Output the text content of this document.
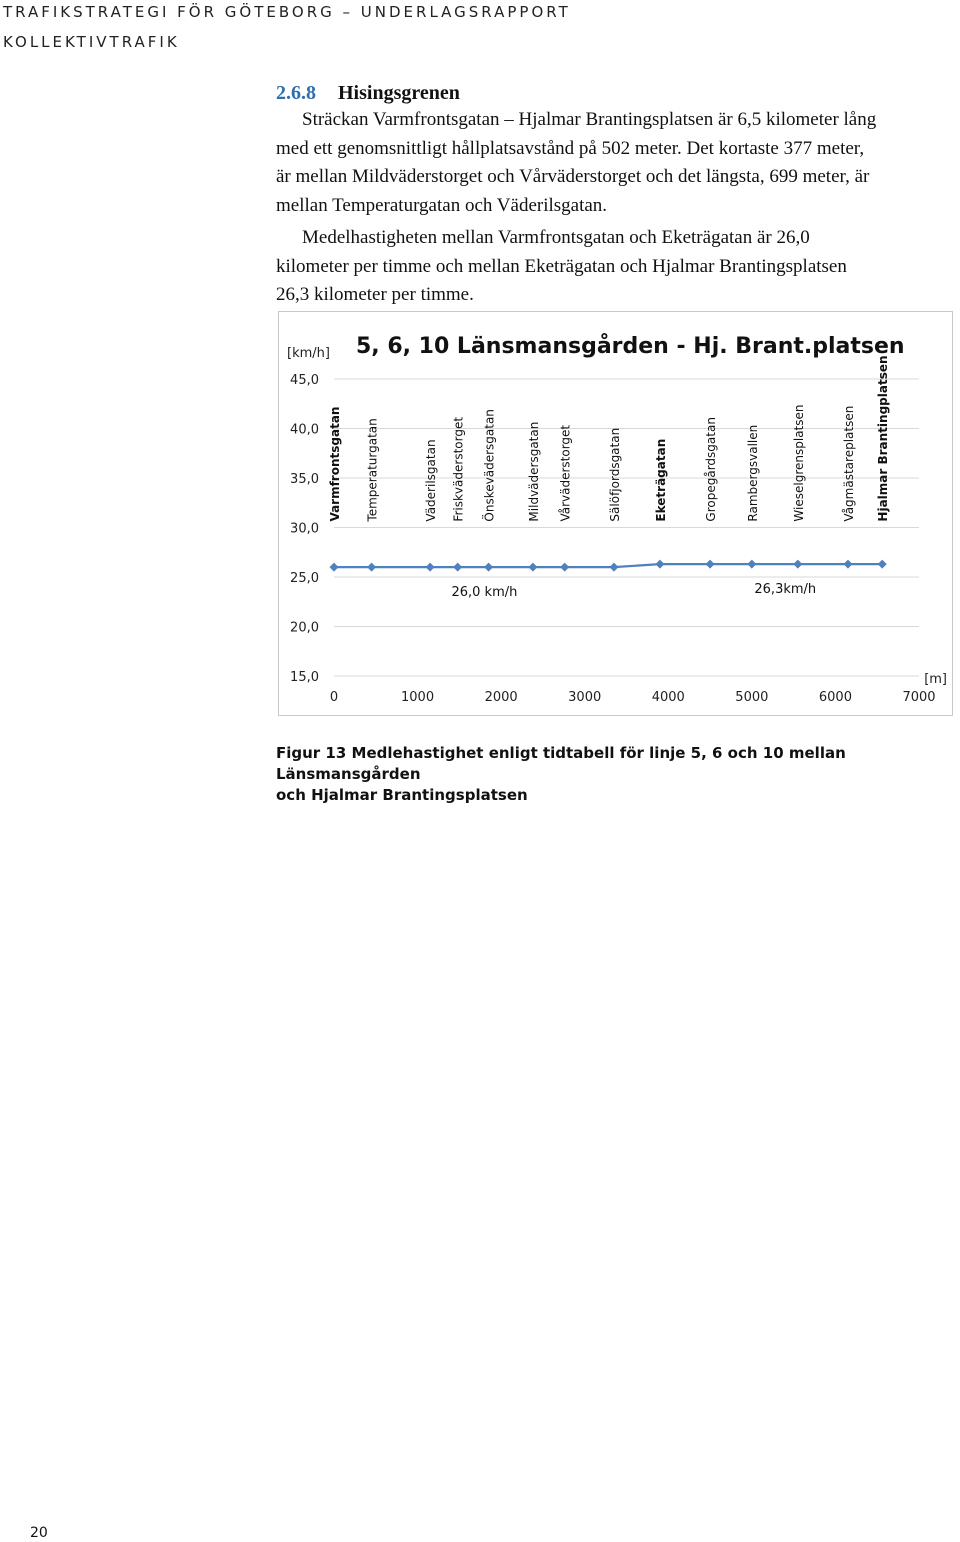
TRAFIKSTRATEGI FÖR GÖTEBORG – UNDERLAGSRAPPORT
KOLLEKTIVTRAFIK
2.6.8 Hisingsgrenen
Sträckan Varmfrontsgatan – Hjalmar Brantingsplatsen är 6,5 kilometer lång
med ett genomsnittligt hållplatsavstånd på 502 meter. Det kortaste 377 meter,
är mellan Mildväderstorget och Vårväderstorget och det längsta, 699 meter, är
mellan Temperaturgatan och Väderilsgatan.
Medelhastigheten mellan Varmfrontsgatan och Eketrägatan är 26,0
kilometer per timme och mellan Eketrägatan och Hjalmar Brantingsplatsen
26,3 kilometer per timme.
15,0
20,0
25,0
30,0
35,0
40,0
45,0
0	1000	2000	3000	4000	5000	6000	7000
[km/h]
[m]
5, 6, 10 Länsmansgården - Hj. Brant.platsen
Varmfrontsgatan Temperaturgatan	Väderilsgatan Friskväderstorget Önskevädersgatan	Mildvädersgatan Vårväderstorget	Sälöfjordsgatan	Eketrägatan	Gropegårdsgatan Rambergsvallen	Wieselgrensplatsen	Vågmästareplatsen Hjalmar Brantingplatsen
26,0 km/h	26,3km/h
Figur 13 Medlehastighet enligt tidtabell för linje 5, 6 och 10 mellan Länsmansgården
och Hjalmar Brantingsplatsen
20
